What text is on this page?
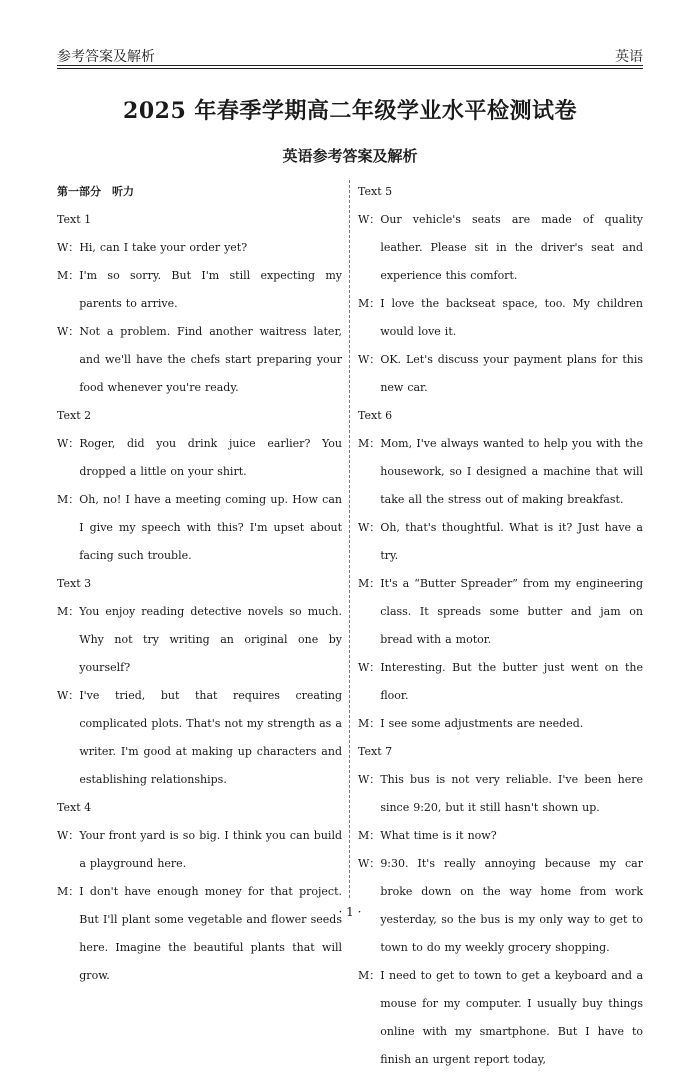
参考答案及解析	英语
2025 年春季学期高二年级学业水平检测试卷
英语参考答案及解析
第一部分　听力
Text 1
W： Hi, can I take your order yet?
M： I'm so sorry. But I'm still expecting my parents to arrive.
W： Not a problem. Find another waitress later, and we'll have the chefs start preparing your food whenever you're ready.
Text 2
W： Roger, did you drink juice earlier? You dropped a little on your shirt.
M： Oh, no! I have a meeting coming up. How can I give my speech with this? I'm upset about facing such trouble.
Text 3
M： You enjoy reading detective novels so much. Why not try writing an original one by yourself?
W： I've tried, but that requires creating complicated plots. That's not my strength as a writer. I'm good at making up characters and establishing relationships.
Text 4
W： Your front yard is so big. I think you can build a playground here.
M： I don't have enough money for that project. But I'll plant some vegetable and flower seeds here. Imagine the beautiful plants that will grow.
Text 5
W： Our vehicle's seats are made of quality leather. Please sit in the driver's seat and experience this comfort.
M： I love the backseat space, too. My children would love it.
W： OK. Let's discuss your payment plans for this new car.
Text 6
M： Mom, I've always wanted to help you with the housework, so I designed a machine that will take all the stress out of making breakfast.
W： Oh, that's thoughtful. What is it? Just have a try.
M： It's a “Butter Spreader” from my engineering class. It spreads some butter and jam on bread with a motor.
W： Interesting. But the butter just went on the floor.
M： I see some adjustments are needed.
Text 7
W： This bus is not very reliable. I've been here since 9:20, but it still hasn't shown up.
M： What time is it now?
W： 9:30. It's really annoying because my car broke down on the way home from work yesterday, so the bus is my only way to get to town to do my weekly grocery shopping.
M： I need to get to town to get a keyboard and a mouse for my computer. I usually buy things online with my smartphone. But I have to finish an urgent report today,
· 1 ·
